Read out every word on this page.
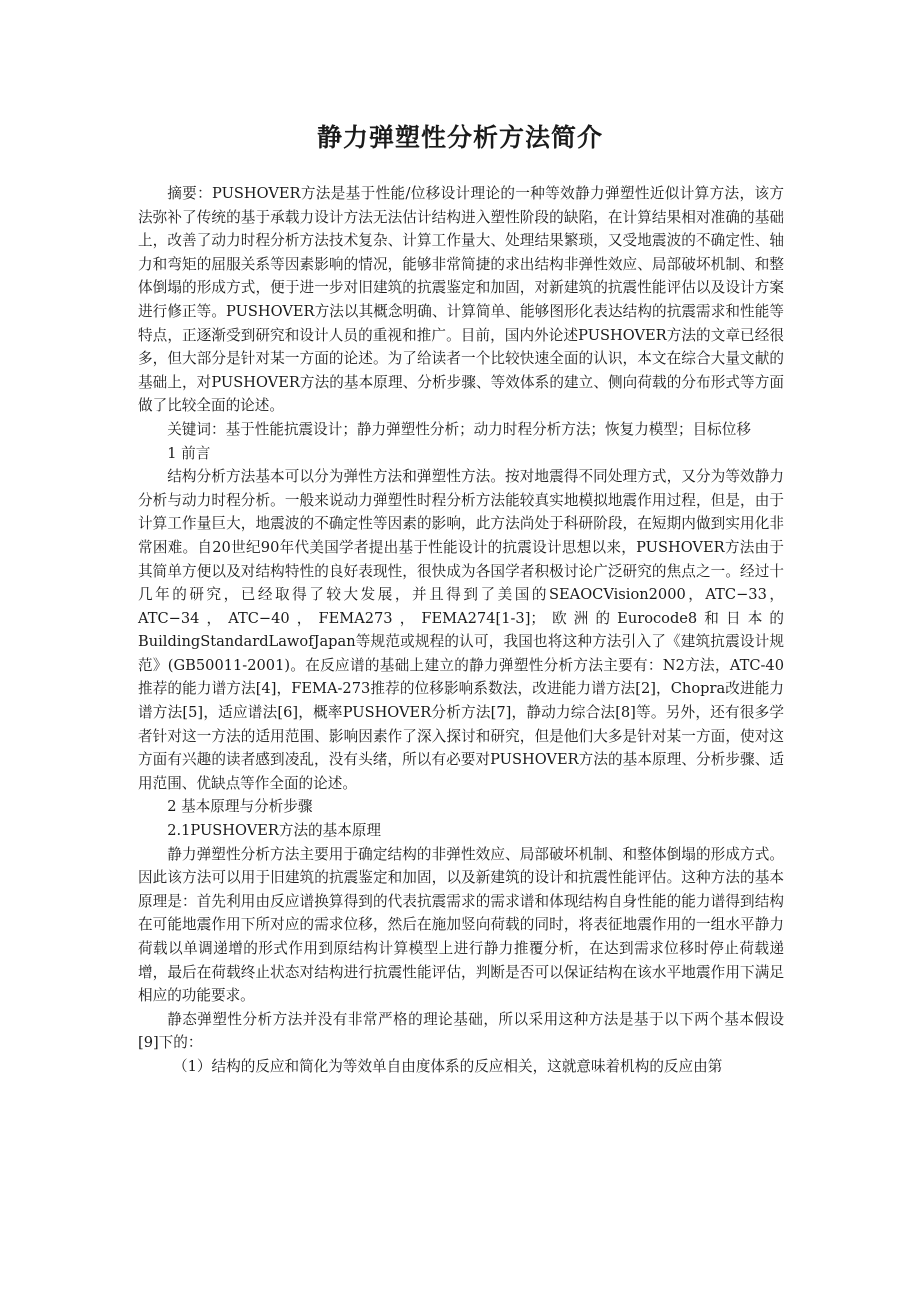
静力弹塑性分析方法简介

摘要：PUSHOVER方法是基于性能/位移设计理论的一种等效静力弹塑性近似计算方法，该方法弥补了传统的基于承载力设计方法无法估计结构进入塑性阶段的缺陷，在计算结果相对准确的基础上，改善了动力时程分析方法技术复杂、计算工作量大、处理结果繁琐，又受地震波的不确定性、轴力和弯矩的屈服关系等因素影响的情况，能够非常简捷的求出结构非弹性效应、局部破坏机制、和整体倒塌的形成方式，便于进一步对旧建筑的抗震鉴定和加固，对新建筑的抗震性能评估以及设计方案进行修正等。PUSHOVER方法以其概念明确、计算简单、能够图形化表达结构的抗震需求和性能等特点，正逐渐受到研究和设计人员的重视和推广。目前，国内外论述PUSHOVER方法的文章已经很多，但大部分是针对某一方面的论述。为了给读者一个比较快速全面的认识，本文在综合大量文献的基础上，对PUSHOVER方法的基本原理、分析步骤、等效体系的建立、侧向荷载的分布形式等方面做了比较全面的论述。

关键词：基于性能抗震设计；静力弹塑性分析；动力时程分析方法；恢复力模型；目标位移

1 前言

结构分析方法基本可以分为弹性方法和弹塑性方法。按对地震得不同处理方式，又分为等效静力分析与动力时程分析。一般来说动力弹塑性时程分析方法能较真实地模拟地震作用过程，但是，由于计算工作量巨大，地震波的不确定性等因素的影响，此方法尚处于科研阶段，在短期内做到实用化非常困难。自20世纪90年代美国学者提出基于性能设计的抗震设计思想以来，PUSHOVER方法由于其简单方便以及对结构特性的良好表现性，很快成为各国学者积极讨论广泛研究的焦点之一。经过十几年的研究，已经取得了较大发展，并且得到了美国的SEAOCVision2000，ATC−33，ATC−34，ATC−40，FEMA273，FEMA274[1-3]；欧洲的Eurocode8和日本的BuildingStandardLawofJapan等规范或规程的认可，我国也将这种方法引入了《建筑抗震设计规范》(GB50011-2001)。在反应谱的基础上建立的静力弹塑性分析方法主要有：N2方法，ATC-40推荐的能力谱方法[4]，FEMA-273推荐的位移影响系数法，改进能力谱方法[2]，Chopra改进能力谱方法[5]，适应谱法[6]，概率PUSHOVER分析方法[7]，静动力综合法[8]等。另外，还有很多学者针对这一方法的适用范围、影响因素作了深入探讨和研究，但是他们大多是针对某一方面，使对这方面有兴趣的读者感到凌乱，没有头绪，所以有必要对PUSHOVER方法的基本原理、分析步骤、适用范围、优缺点等作全面的论述。

2 基本原理与分析步骤

2.1PUSHOVER方法的基本原理

静力弹塑性分析方法主要用于确定结构的非弹性效应、局部破坏机制、和整体倒塌的形成方式。因此该方法可以用于旧建筑的抗震鉴定和加固，以及新建筑的设计和抗震性能评估。这种方法的基本原理是：首先利用由反应谱换算得到的代表抗震需求的需求谱和体现结构自身性能的能力谱得到结构在可能地震作用下所对应的需求位移，然后在施加竖向荷载的同时，将表征地震作用的一组水平静力荷载以单调递增的形式作用到原结构计算模型上进行静力推覆分析，在达到需求位移时停止荷载递增，最后在荷载终止状态对结构进行抗震性能评估，判断是否可以保证结构在该水平地震作用下满足相应的功能要求。

静态弹塑性分析方法并没有非常严格的理论基础，所以采用这种方法是基于以下两个基本假设[9]下的：

（1）结构的反应和简化为等效单自由度体系的反应相关，这就意味着机构的反应由第
